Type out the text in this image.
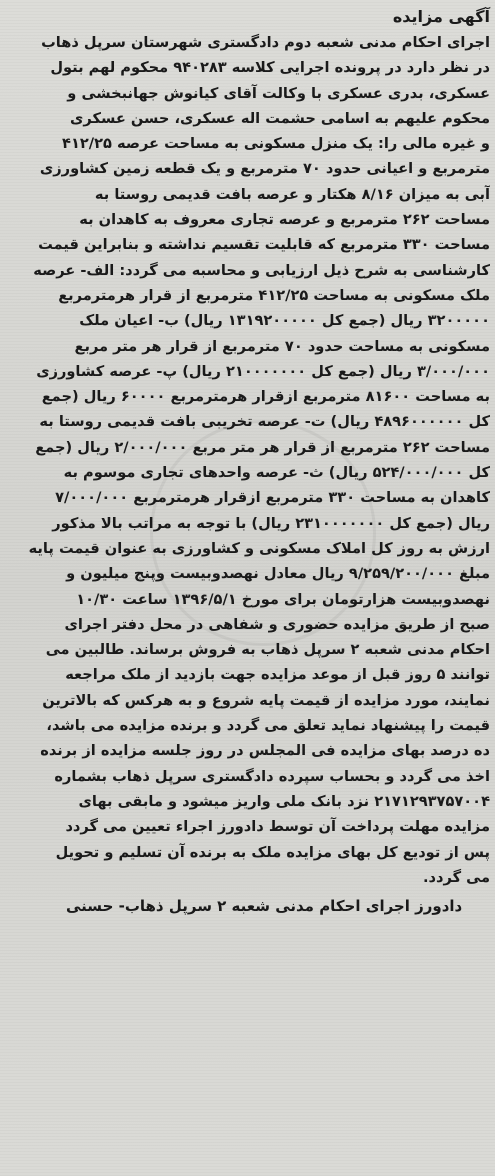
آگهی مزایده

اجرای احکام مدنی شعبه دوم دادگستری شهرستان سرپل ذهاب

در نظر دارد در پرونده اجرایی کلاسه ۹۴۰۲۸۳ محکوم لهم بتول

عسکری، بدری عسکری با وکالت آقای کیانوش جهانبخشی و

محکوم علیهم به اسامی حشمت اله عسکری، حسن عسکری

و غیره مالی را: یک منزل مسکونی به مساحت عرصه ۴۱۲/۲۵

مترمربع و اعیانی حدود ۷۰ مترمربع و یک قطعه زمین کشاورزی

آبی به میزان ۸/۱۶ هکتار و عرصه بافت قدیمی روستا به

مساحت ۲۶۲ مترمربع و عرصه تجاری معروف به کاهدان به

مساحت ۳۳۰ مترمربع که قابلیت تقسیم نداشته و بنابراین قیمت

کارشناسی به شرح ذیل ارزیابی و محاسبه می گردد: الف- عرصه

ملک مسکونی به مساحت ۴۱۲/۲۵ مترمربع از قرار هرمترمربع

۳۲۰۰۰۰۰ ریال (جمع کل ۱۳۱۹۲۰۰۰۰۰ ریال) ب- اعیان ملک

مسکونی به مساحت حدود ۷۰ مترمربع از قرار هر متر مربع

۳/۰۰۰/۰۰۰ ریال (جمع کل ۲۱۰۰۰۰۰۰۰ ریال) پ- عرصه کشاورزی

به مساحت ۸۱۶۰۰ مترمربع ازقرار هرمترمربع ۶۰۰۰۰ ریال (جمع

کل ۴۸۹۶۰۰۰۰۰۰ ریال) ت- عرصه تخریبی بافت قدیمی روستا به

مساحت ۲۶۲ مترمربع از قرار هر متر مربع ۲/۰۰۰/۰۰۰ ریال (جمع

کل ۵۲۴/۰۰۰/۰۰۰ ریال) ث- عرصه واحدهای تجاری موسوم به

کاهدان به مساحت ۳۳۰ مترمربع ازقرار هرمترمربع ۷/۰۰۰/۰۰۰

ریال (جمع کل ۲۳۱۰۰۰۰۰۰۰ ریال) با توجه به مراتب بالا مذکور

ارزش به روز کل املاک مسکونی و کشاورزی به عنوان قیمت پایه

مبلغ ۹/۲۵۹/۲۰۰/۰۰۰ ریال معادل نهصدوبیست وپنج میلیون و

نهصدوبیست هزارتومان برای مورخ ۱۳۹۶/۵/۱ ساعت ۱۰/۳۰

صبح از طریق مزایده حضوری و شفاهی در محل دفتر اجرای

احکام مدنی شعبه ۲ سرپل ذهاب به فروش برساند. طالبین می

توانند ۵ روز قبل از موعد مزایده جهت بازدید از ملک مراجعه

نمایند، مورد مزایده از قیمت پایه شروع و به هرکس که بالاترین

قیمت را پیشنهاد نماید تعلق می گردد و برنده مزایده می باشد،

ده درصد بهای مزایده فی المجلس در روز جلسه مزایده از برنده

اخذ می گردد و بحساب سپرده دادگستری سرپل ذهاب بشماره

۲۱۷۱۲۹۳۷۵۷۰۰۴ نزد بانک ملی واریز میشود و مابقی بهای

مزایده مهلت پرداخت آن توسط دادورز اجراء تعیین می گردد

پس از تودیع کل بهای مزایده ملک به برنده آن تسلیم و تحویل

می گردد.

دادورز اجرای احکام مدنی شعبه ۲ سرپل ذهاب- حسنی
